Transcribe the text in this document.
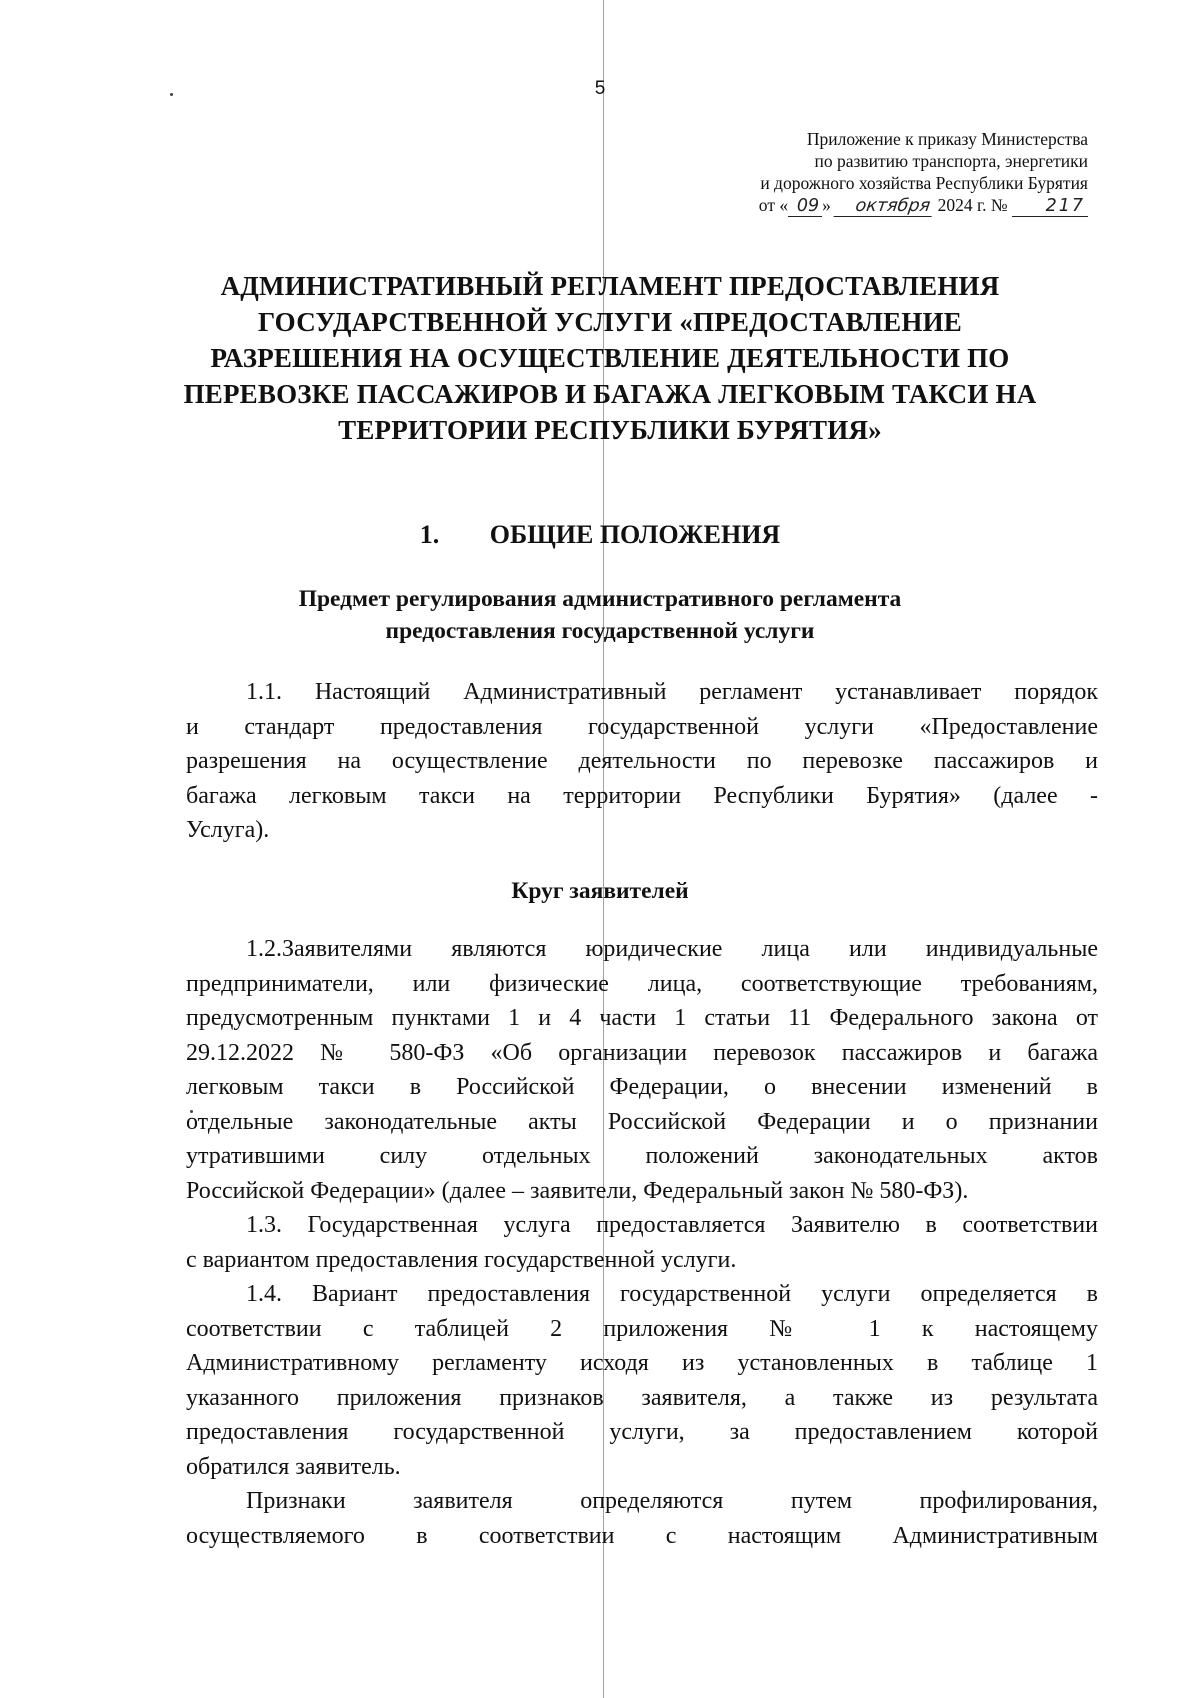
5
Приложение к приказу Министерства
по развитию транспорта, энергетики
и дорожного хозяйства Республики Бурятия
от « 09 » октября 2024 г. № 217
АДМИНИСТРАТИВНЫЙ РЕГЛАМЕНТ ПРЕДОСТАВЛЕНИЯ
ГОСУДАРСТВЕННОЙ УСЛУГИ «ПРЕДОСТАВЛЕНИЕ
РАЗРЕШЕНИЯ НА ОСУЩЕСТВЛЕНИЕ ДЕЯТЕЛЬНОСТИ ПО
ПЕРЕВОЗКЕ ПАССАЖИРОВ И БАГАЖА ЛЕГКОВЫМ ТАКСИ НА
ТЕРРИТОРИИ РЕСПУБЛИКИ БУРЯТИЯ»
1. ОБЩИЕ ПОЛОЖЕНИЯ
Предмет регулирования административного регламента
предоставления государственной услуги
1.1. Настоящий Административный регламент устанавливает порядок
и стандарт предоставления государственной услуги «Предоставление
разрешения на осуществление деятельности по перевозке пассажиров и
багажа легковым такси на территории Республики Бурятия» (далее -
Услуга).
Круг заявителей
1.2.Заявителями являются юридические лица или индивидуальные
предприниматели, или физические лица, соответствующие требованиям,
предусмотренным пунктами 1 и 4 части 1 статьи 11 Федерального закона от
29.12.2022 № 580-ФЗ «Об организации перевозок пассажиров и багажа
легковым такси в Российской Федерации, о внесении изменений в
отдельные законодательные акты Российской Федерации и о признании
утратившими силу отдельных положений законодательных актов
Российской Федерации» (далее – заявители, Федеральный закон № 580-ФЗ).
1.3. Государственная услуга предоставляется Заявителю в соответствии
с вариантом предоставления государственной услуги.
1.4. Вариант предоставления государственной услуги определяется в
соответствии с таблицей 2 приложения № 1 к настоящему
Административному регламенту исходя из установленных в таблице 1
указанного приложения признаков заявителя, а также из результата
предоставления государственной услуги, за предоставлением которой
обратился заявитель.
Признаки заявителя определяются путем профилирования,
осуществляемого в соответствии с настоящим Административным
